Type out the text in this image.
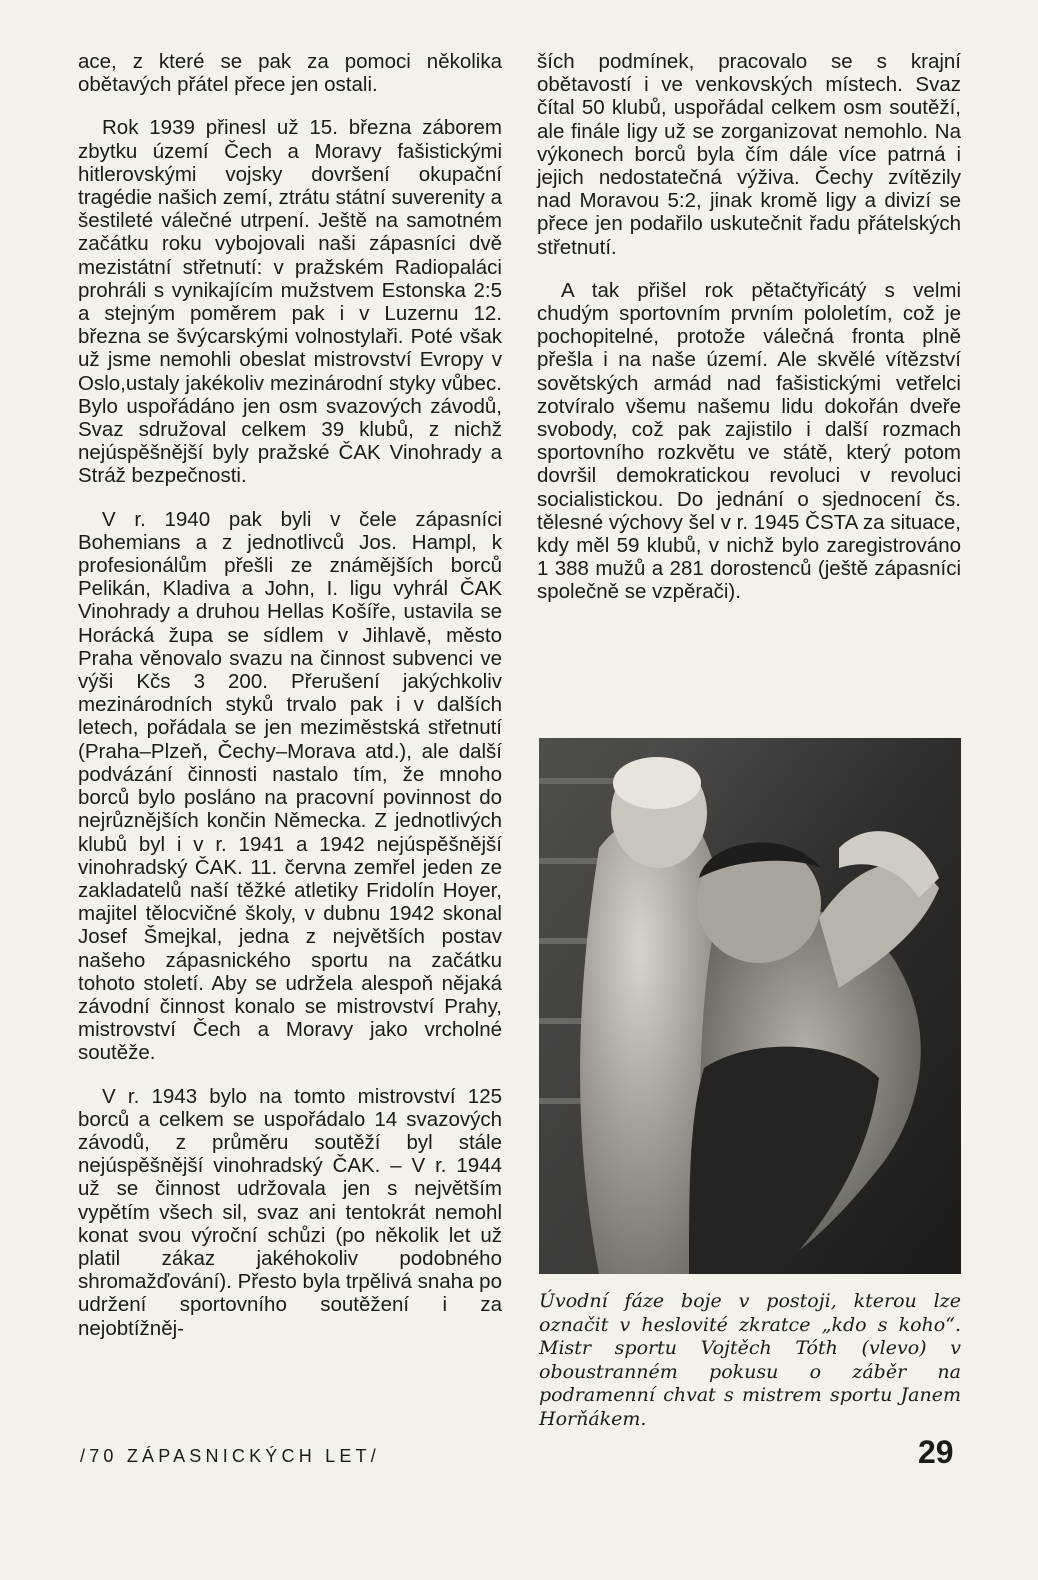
ace, z které se pak za pomoci několika obětavých přátel přece jen ostali.

Rok 1939 přinesl už 15. března záborem zbytku území Čech a Moravy fašistickými hitlerovskými vojsky dovršení okupační tragédie našich zemí, ztrátu státní suverenity a šestileté válečné utrpení. Ještě na samotném začátku roku vybojovali naši zápasníci dvě mezistátní střetnutí: v pražském Radiopaláci prohráli s vynikajícím mužstvem Estonska 2:5 a stejným poměrem pak i v Luzernu 12. března se švýcarskými volnostylaři. Poté však už jsme nemohli obeslat mistrovství Evropy v Oslo,ustaly jakékoliv mezinárodní styky vůbec. Bylo uspořádáno jen osm svazových závodů, Svaz sdružoval celkem 39 klubů, z nichž nejúspěšnější byly pražské ČAK Vinohrady a Stráž bezpečnosti.

V r. 1940 pak byli v čele zápasníci Bohemians a z jednotlivců Jos. Hampl, k profesionálům přešli ze známějších borců Pelikán, Kladiva a John, I. ligu vyhrál ČAK Vinohrady a druhou Hellas Košíře, ustavila se Horácká župa se sídlem v Jihlavě, město Praha věnovalo svazu na činnost subvenci ve výši Kčs 3 200. Přerušení jakýchkoliv mezinárodních styků trvalo pak i v dalších letech, pořádala se jen meziměstská střetnutí (Praha–Plzeň, Čechy–Morava atd.), ale další podvázání činnosti nastalo tím, že mnoho borců bylo posláno na pracovní povinnost do nejrůznějších končin Německa. Z jednotlivých klubů byl i v r. 1941 a 1942 nejúspěšnější vinohradský ČAK. 11. června zemřel jeden ze zakladatelů naší těžké atletiky Fridolín Hoyer, majitel tělocvičné školy, v dubnu 1942 skonal Josef Šmejkal, jedna z největších postav našeho zápasnického sportu na začátku tohoto století. Aby se udržela alespoň nějaká závodní činnost konalo se mistrovství Prahy, mistrovství Čech a Moravy jako vrcholné soutěže.

V r. 1943 bylo na tomto mistrovství 125 borců a celkem se uspořádalo 14 svazových závodů, z průměru soutěží byl stále nejúspěšnější vinohradský ČAK. – V r. 1944 už se činnost udržovala jen s největším vypětím všech sil, svaz ani tentokrát nemohl konat svou výroční schůzi (po několik let už platil zákaz jakéhokoliv podobného shromažďování). Přesto byla trpělivá snaha po udržení sportovního soutěžení i za nejobtížněj-

ších podmínek, pracovalo se s krajní obětavostí i ve venkovských místech. Svaz čítal 50 klubů, uspořádal celkem osm soutěží, ale finále ligy už se zorganizovat nemohlo. Na výkonech borců byla čím dále více patrná i jejich nedostatečná výživa. Čechy zvítězily nad Moravou 5:2, jinak kromě ligy a divizí se přece jen podařilo uskutečnit řadu přátelských střetnutí.

A tak přišel rok pětačtyřicátý s velmi chudým sportovním prvním pololetím, což je pochopitelné, protože válečná fronta plně přešla i na naše území. Ale skvělé vítězství sovětských armád nad fašistickými vetřelci zotvíralo všemu našemu lidu dokořán dveře svobody, což pak zajistilo i další rozmach sportovního rozkvětu ve státě, který potom dovršil demokratickou revoluci v revoluci socialistickou. Do jednání o sjednocení čs. tělesné výchovy šel v r. 1945 ČSTA za situace, kdy měl 59 klubů, v nichž bylo zaregistrováno 1 388 mužů a 281 dorostenců (ještě zápasníci společně se vzpěrači).

Úvodní fáze boje v postoji, kterou lze označit v heslovité zkratce „kdo s koho“. Mistr sportu Vojtěch Tóth (vlevo) v oboustranném pokusu o záběr na podramenní chvat s mistrem sportu Janem Horňákem.
/70 ZÁPASNICKÝCH LET/	29
